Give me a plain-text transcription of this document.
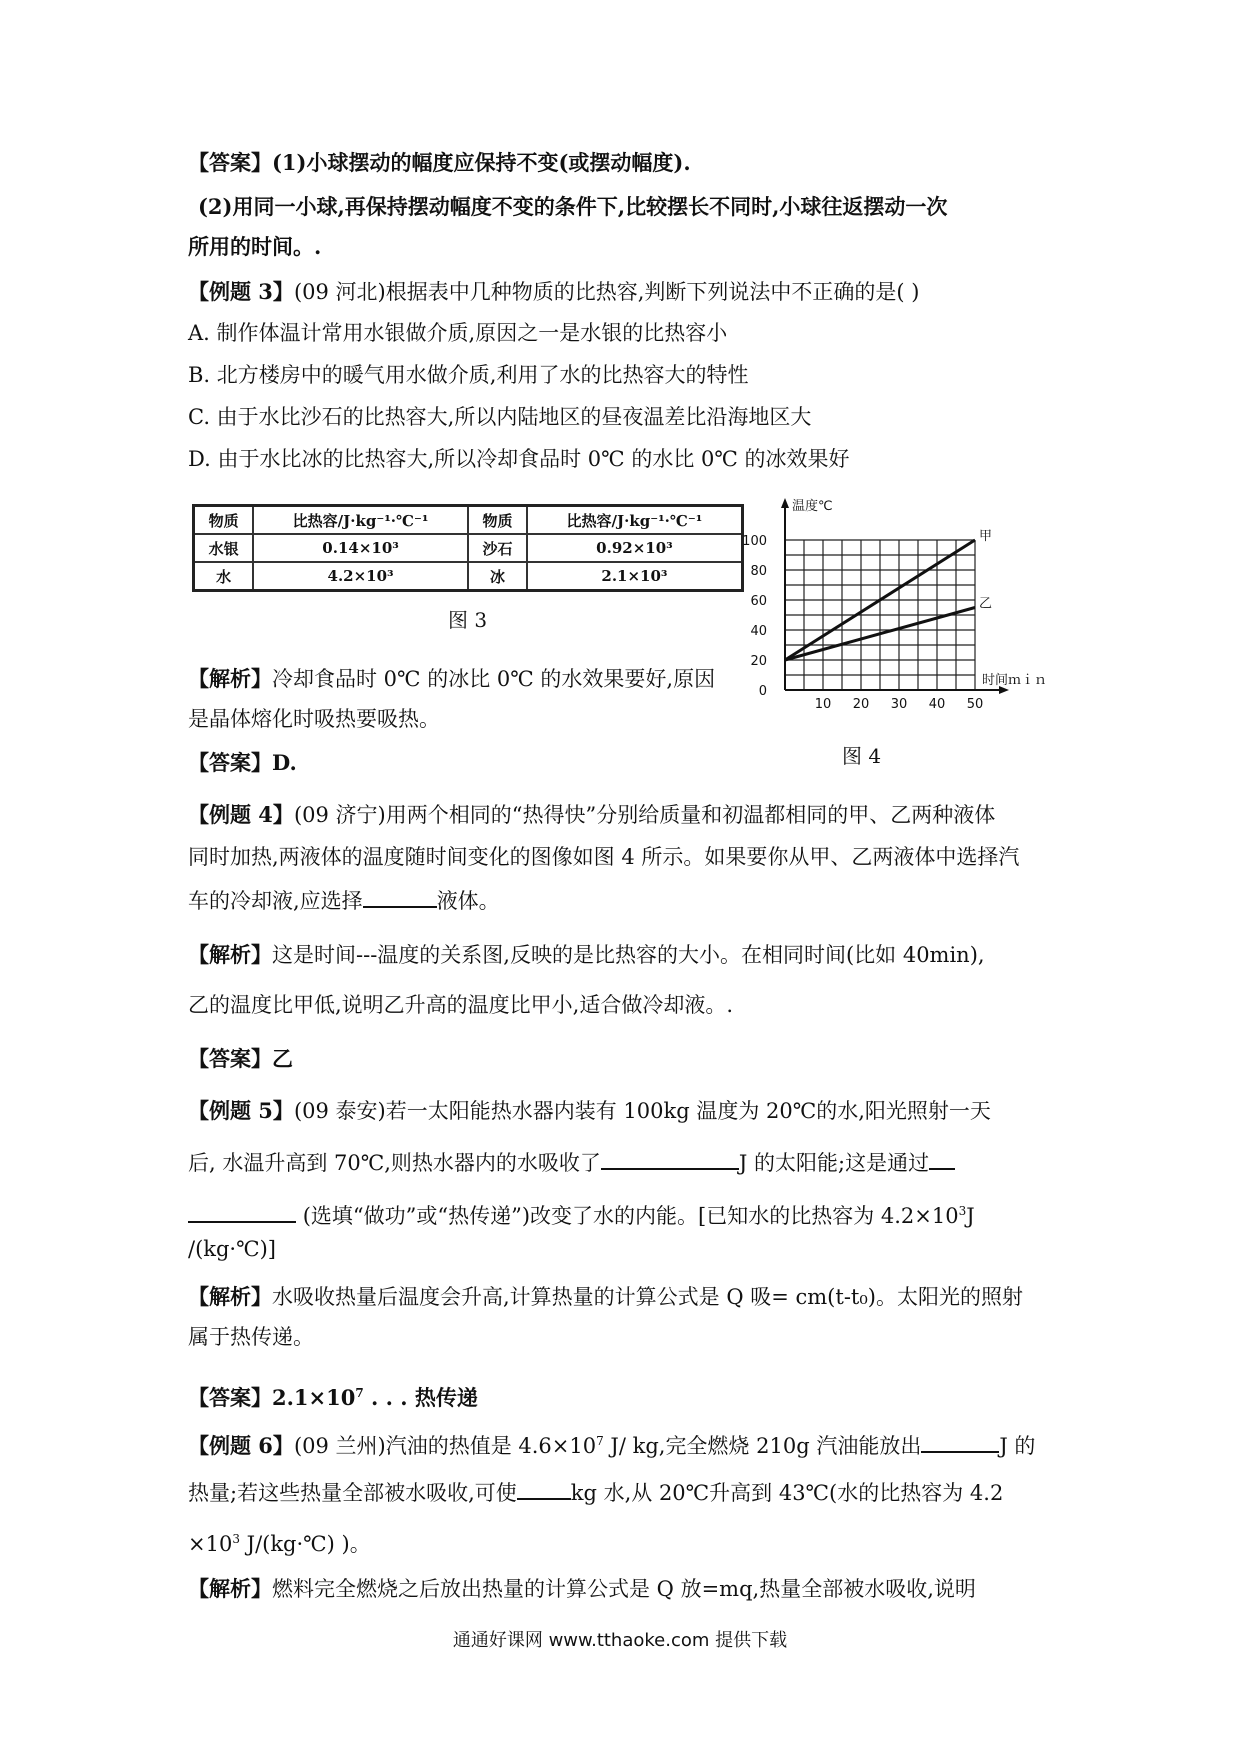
【答案】(1)小球摆动的幅度应保持不变(或摆动幅度).
(2)用同一小球,再保持摆动幅度不变的条件下,比较摆长不同时,小球往返摆动一次
所用的时间。.
【例题 3】(09 河北)根据表中几种物质的比热容,判断下列说法中不正确的是( )
A. 制作体温计常用水银做介质,原因之一是水银的比热容小
B. 北方楼房中的暖气用水做介质,利用了水的比热容大的特性
C. 由于水比沙石的比热容大,所以内陆地区的昼夜温差比沿海地区大
D. 由于水比冰的比热容大,所以冷却食品时 0℃ 的水比 0℃ 的冰效果好
物质	比热容/J·kg⁻¹·℃⁻¹	物质	比热容/J·kg⁻¹·℃⁻¹
水银	0.14×10³	沙石	0.92×10³
水	4.2×10³	冰	2.1×10³
图 3
10 20 30 40 50
0
20
40
60
80
100	甲
乙
温度℃
时间ｍｉｎ
图 4
【解析】冷却食品时 0℃ 的冰比 0℃ 的水效果要好,原因
是晶体熔化时吸热要吸热。
【答案】D.
【例题 4】(09 济宁)用两个相同的“热得快”分别给质量和初温都相同的甲、乙两种液体
同时加热,两液体的温度随时间变化的图像如图 4 所示。如果要你从甲、乙两液体中选择汽
车的冷却液,应选择	液体。
【解析】这是时间---温度的关系图,反映的是比热容的大小。在相同时间(比如 40min),
乙的温度比甲低,说明乙升高的温度比甲小,适合做冷却液。.
【答案】乙
【例题 5】(09 泰安)若一太阳能热水器内装有 100kg 温度为 20℃的水,阳光照射一天
后, 水温升高到 70℃,则热水器内的水吸收了	J 的太阳能;这是通过
(选填“做功”或“热传递”)改变了水的内能。[已知水的比热容为 $4.2\times 10^3J$
/(kg·℃)]
【解析】水吸收热量后温度会升高,计算热量的计算公式是 Q 吸= cm(t-t₀)。太阳光的照射
属于热传递。
【答案】$2.1\times 10^7$ . . . 热传递
【例题 6】(09 兰州)汽油的热值是 $4.6\times 10^7$ J/ kg,完全燃烧 210g 汽油能放出	J 的
热量;若这些热量全部被水吸收,可使	kg 水,从 20℃升高到 43℃(水的比热容为 4.2
$\times 10^3$ J/(kg·℃) )。
【解析】燃料完全燃烧之后放出热量的计算公式是 Q 放=mq,热量全部被水吸收,说明
通通好课网 www.tthaoke.com 提供下载
